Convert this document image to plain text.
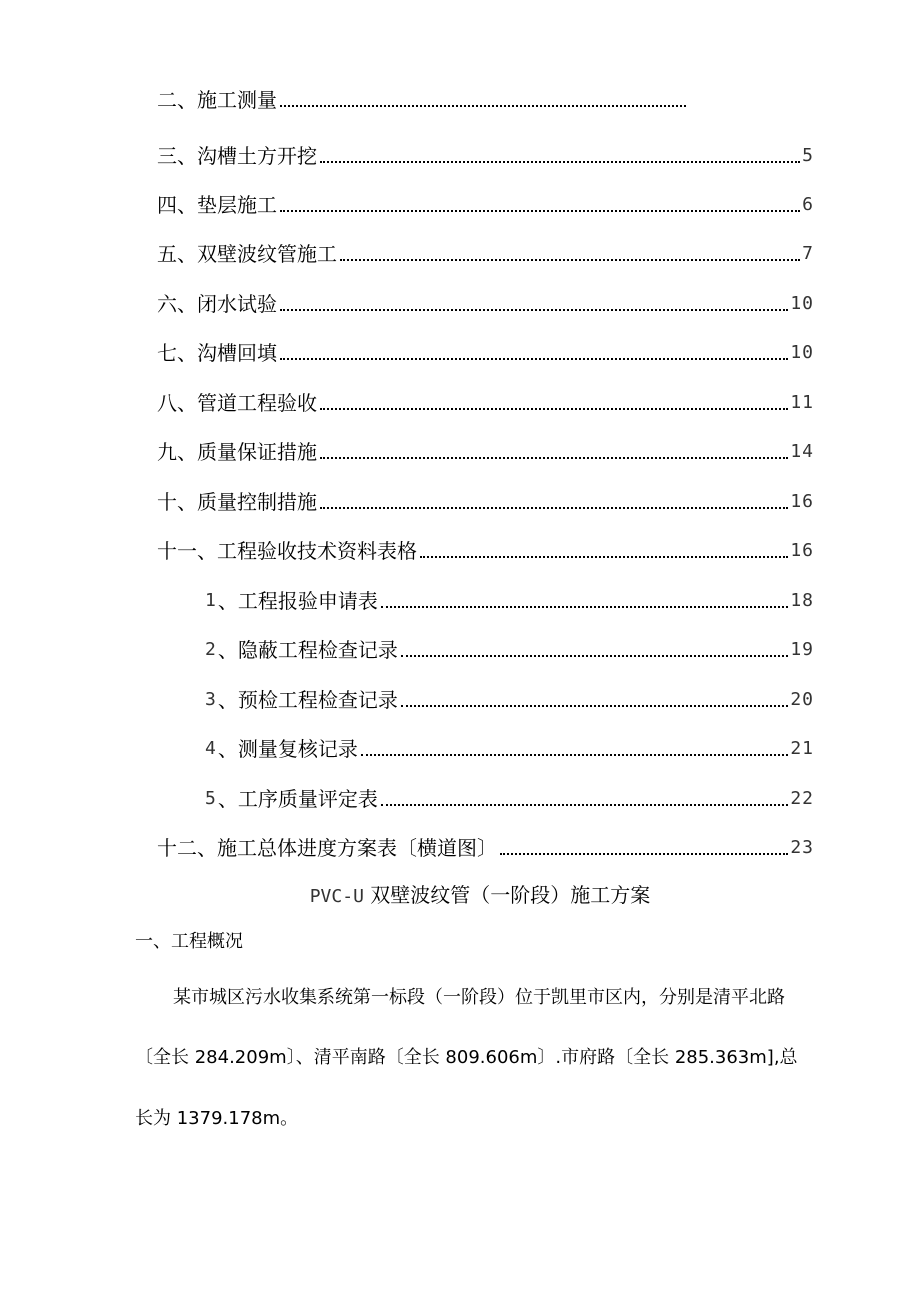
二、施工测量
三、沟槽土方开挖	5
四、垫层施工	6
五、双壁波纹管施工	7
六、闭水试验	10
七、沟槽回填	10
八、管道工程验收	11
九、质量保证措施	14
十、质量控制措施	16
十一、工程验收技术资料表格	16
1 、工程报验申请表	18
2 、隐蔽工程检查记录	19
3 、预检工程检查记录	20
4 、测量复核记录	21
5 、工序质量评定表	22
十二、施工总体进度方案表〔横道图〕	23
PVC-U 双壁波纹管（一阶段）施工方案
一、工程概况
某市城区污水收集系统第一标段（一阶段）位于凯里市区内，分别是清平北路
〔全长 284.209m〕、清平南路〔全长 809.606m〕.市府路〔全长 285.363m],总
长为 1379.178m。
